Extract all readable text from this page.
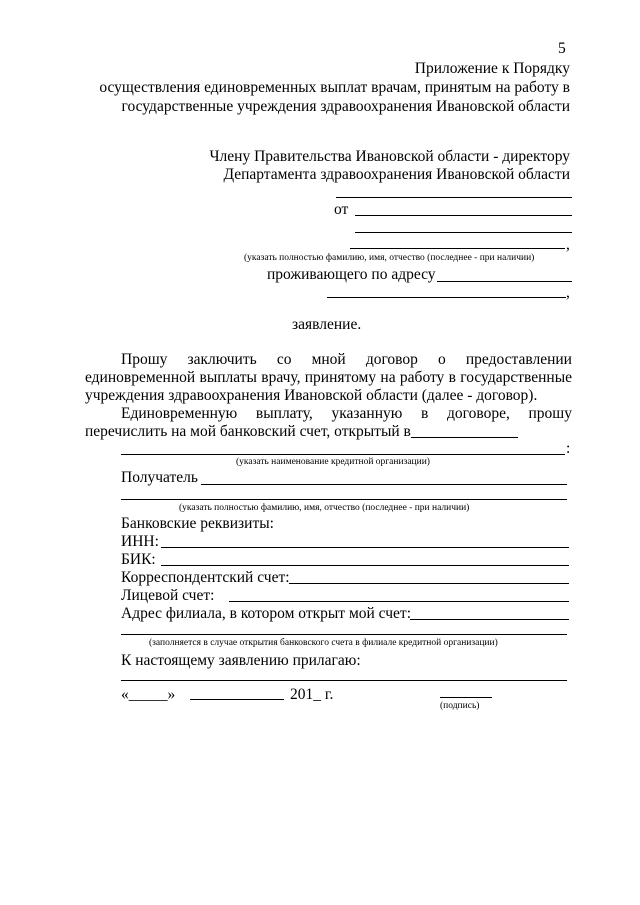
5
Приложение к Порядку
осуществления единовременных выплат врачам, принятым на работу в
государственные учреждения здравоохранения Ивановской области
Члену Правительства Ивановской области - директору
Департамента здравоохранения Ивановской области
от
,
(указать полностью фамилию, имя, отчество (последнее - при наличии)
проживающего по адресу
,
заявление.
Прошу заключить со мной договор о предоставлении
единовременной выплаты врачу, принятому на работу в государственные
учреждения здравоохранения Ивановской области (далее - договор).
Единовременную выплату, указанную в договоре, прошу
перечислить на мой банковский счет, открытый в
:
(указать наименование кредитной организации)
Получатель
(указать полностью фамилию, имя, отчество (последнее - при наличии)
Банковские реквизиты:
ИНН:
БИК:
Корреспондентский счет:
Лицевой счет:
Адрес филиала, в котором открыт мой счет:
(заполняется в случае открытия банковского счета в филиале кредитной организации)
К настоящему заявлению прилагаю:
«_____»	201_ г.
(подпись)
